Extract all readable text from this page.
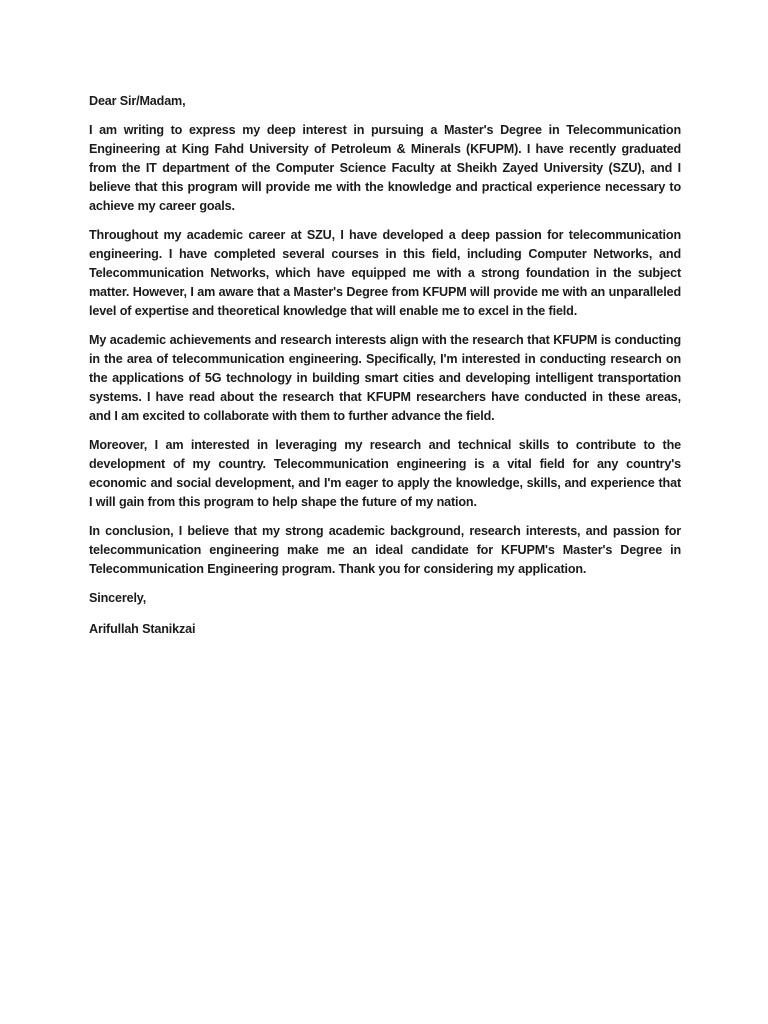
Dear Sir/Madam,

I am writing to express my deep interest in pursuing a Master's Degree in Telecommunication Engineering at King Fahd University of Petroleum & Minerals (KFUPM). I have recently graduated from the IT department of the Computer Science Faculty at Sheikh Zayed University (SZU), and I believe that this program will provide me with the knowledge and practical experience necessary to achieve my career goals.

Throughout my academic career at SZU, I have developed a deep passion for telecommunication engineering. I have completed several courses in this field, including Computer Networks, and Telecommunication Networks, which have equipped me with a strong foundation in the subject matter. However, I am aware that a Master's Degree from KFUPM will provide me with an unparalleled level of expertise and theoretical knowledge that will enable me to excel in the field.

My academic achievements and research interests align with the research that KFUPM is conducting in the area of telecommunication engineering. Specifically, I'm interested in conducting research on the applications of 5G technology in building smart cities and developing intelligent transportation systems. I have read about the research that KFUPM researchers have conducted in these areas, and I am excited to collaborate with them to further advance the field.

Moreover, I am interested in leveraging my research and technical skills to contribute to the development of my country. Telecommunication engineering is a vital field for any country's economic and social development, and I'm eager to apply the knowledge, skills, and experience that I will gain from this program to help shape the future of my nation.

In conclusion, I believe that my strong academic background, research interests, and passion for telecommunication engineering make me an ideal candidate for KFUPM's Master's Degree in Telecommunication Engineering program. Thank you for considering my application.

Sincerely,

Arifullah Stanikzai
